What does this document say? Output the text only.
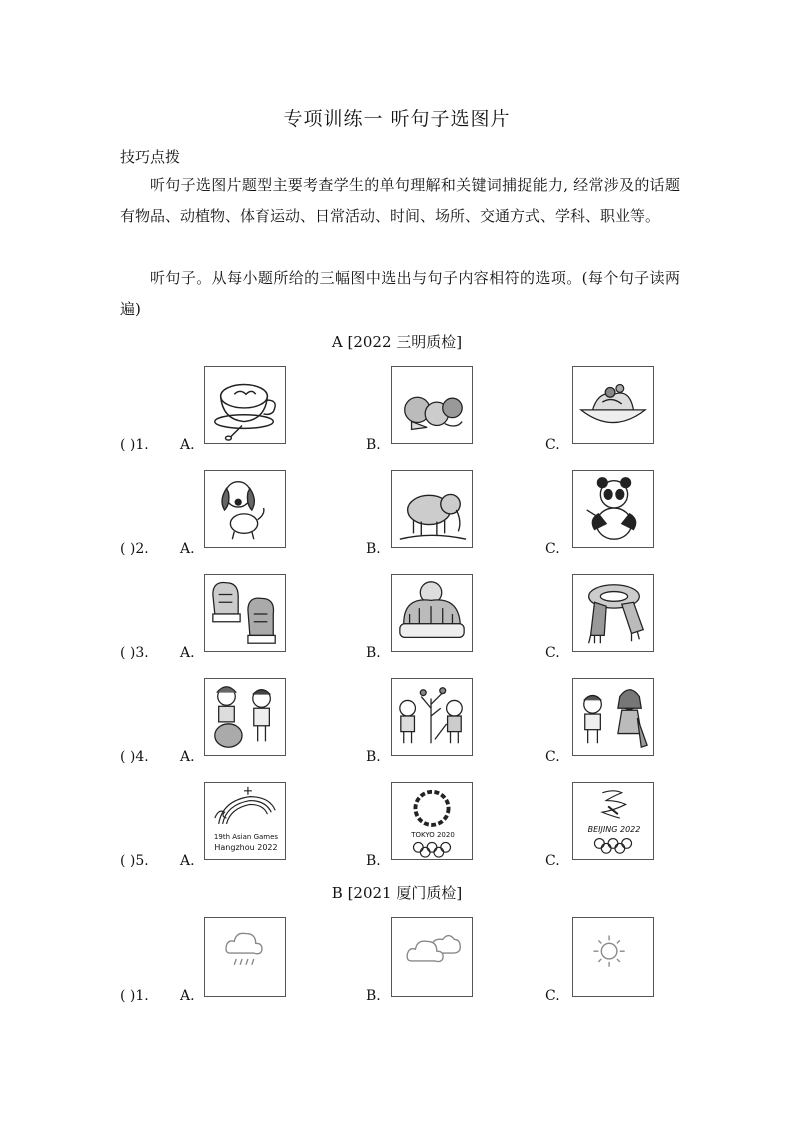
专项训练一 听句子选图片
技巧点拨
听句子选图片题型主要考查学生的单句理解和关键词捕捉能力, 经常涉及的话题有物品、动植物、体育运动、日常活动、时间、场所、交通方式、学科、职业等。
听句子。从每小题所给的三幅图中选出与句子内容相符的选项。(每个句子读两遍)
A [2022 三明质检]
( )1. A.	B.	C.
( )2. A.	B.	C.
( )3. A.	B.	C.
( )4. A.	B.	C.
( )5. A.	B.	C.
19th Asian Games
Hangzhou 2022
TOKYO 2020
BEIJING 2022
B [2021 厦门质检]
( )1. A.	B.	C.
